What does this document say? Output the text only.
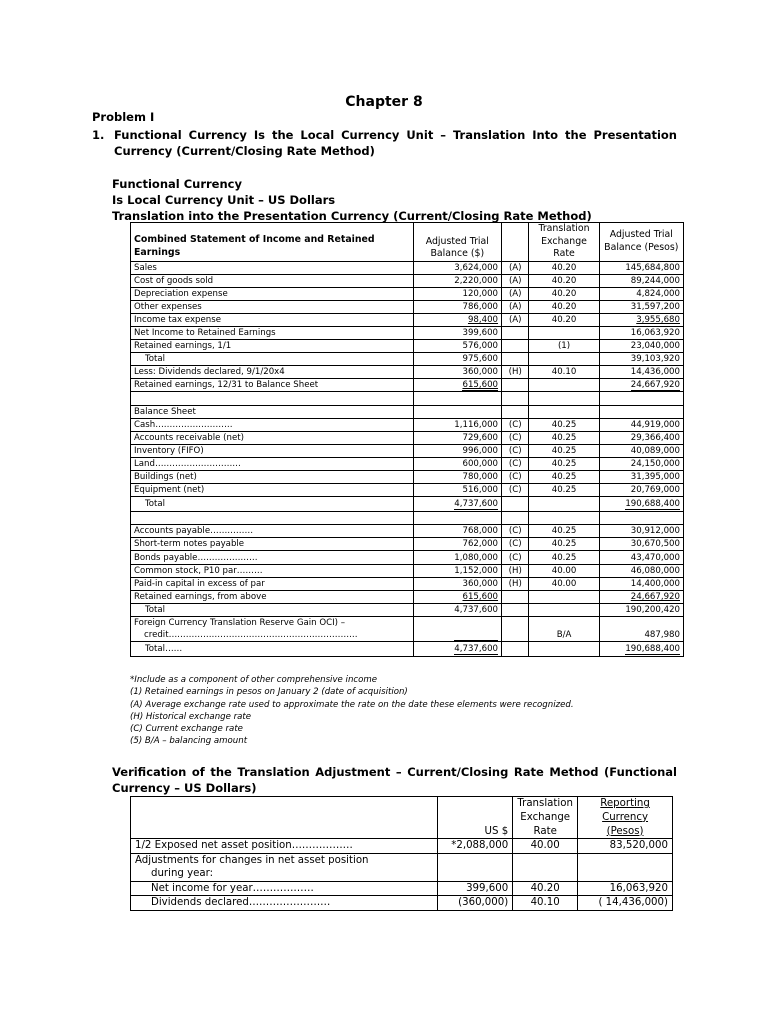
Chapter 8
Problem I
1. Functional Currency Is the Local Currency Unit – Translation Into the Presentation Currency (Current/Closing Rate Method)
Functional Currency
Is Local Currency Unit – US Dollars
Translation into the Presentation Currency (Current/Closing Rate Method)
Combined Statement of Income and Retained Earnings	Adjusted Trial Balance ($)		Translation Exchange Rate	Adjusted Trial Balance (Pesos)
Sales	3,624,000	(A)	40.20	145,684,800
Cost of goods sold	2,220,000	(A)	40.20	89,244,000
Depreciation expense	120,000	(A)	40.20	4,824,000
Other expenses	786,000	(A)	40.20	31,597,200
Income tax expense	98,400	(A)	40.20	3,955,680
Net Income to Retained Earnings	399,600			16,063,920
Retained earnings, 1/1	576,000		(1)	23,040,000
Total	975,600			39,103,920
Less: Dividends declared, 9/1/20x4	360,000	(H)	40.10	14,436,000
Retained earnings, 12/31 to Balance Sheet	615,600			24,667,920

Balance Sheet				
Cash………………………	1,116,000	(C)	40.25	44,919,000
Accounts receivable (net)	729,600	(C)	40.25	29,366,400
Inventory (FIFO)	996,000	(C)	40.25	40,089,000
Land…………………………	600,000	(C)	40.25	24,150,000
Buildings (net)	780,000	(C)	40.25	31,395,000
Equipment (net)	516,000	(C)	40.25	20,769,000
Total	4,737,600			190,688,400

Accounts payable……………	768,000	(C)	40.25	30,912,000
Short-term notes payable	762,000	(C)	40.25	30,670,500
Bonds payable…………………	1,080,000	(C)	40.25	43,470,000
Common stock, P10 par………	1,152,000	(H)	40.00	46,080,000
Paid-in capital in excess of par	360,000	(H)	40.00	14,400,000
Retained earnings, from above	615,600			24,667,920
Total	4,737,600			190,200,420
Foreign Currency Translation Reserve Gain OCI) –
credit…………………………………………………………			B/A	487,980
Total……	4,737,600			190,688,400
*Include as a component of other comprehensive income
(1) Retained earnings in pesos on January 2 (date of acquisition)
(A) Average exchange rate used to approximate the rate on the date these elements were recognized.
(H) Historical exchange rate
(C) Current exchange rate
(5) B/A – balancing amount
Verification of the Translation Adjustment – Current/Closing Rate Method (Functional Currency – US Dollars)
	US $	Translation Exchange Rate	Reporting Currency (Pesos)
1/2 Exposed net asset position………………	*2,088,000	40.00	83,520,000
Adjustments for changes in net asset position
during year:			

Net income for year………………	399,600	40.20	16,063,920
Dividends declared……………………	(360,000)	40.10	( 14,436,000)
